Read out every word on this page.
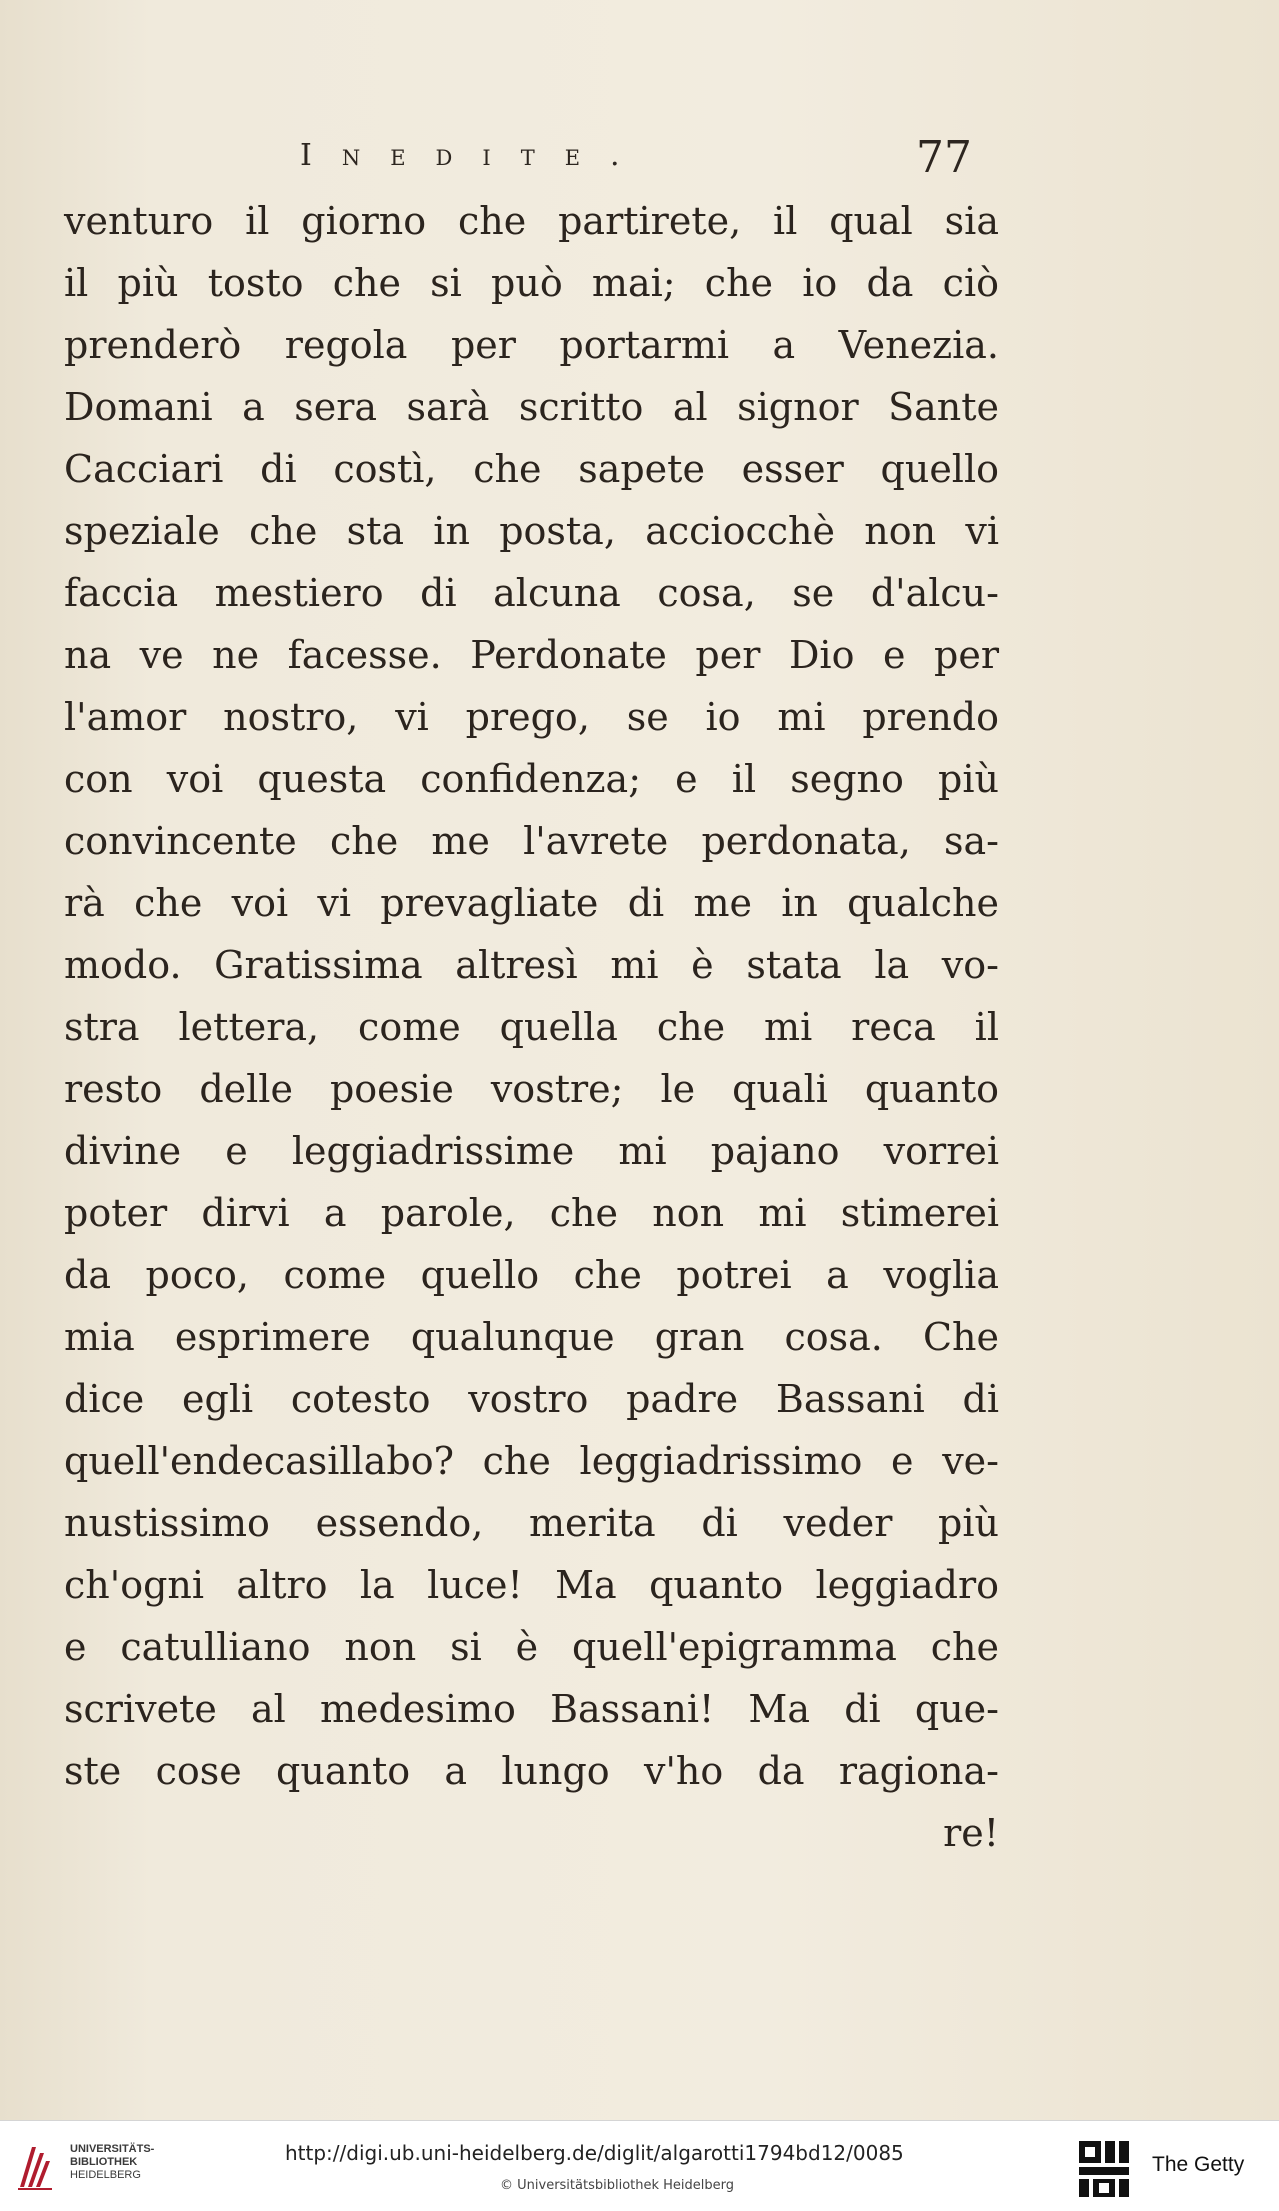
Inedite.	77
venturo il giorno che partirete, il qual sia
il più tosto che si può mai; che io da ciò
prenderò regola per portarmi a Venezia.
Domani a sera sarà scritto al signor Sante
Cacciari di costì, che sapete esser quello
speziale che sta in posta, acciocchè non vi
faccia mestiero di alcuna cosa, se d'alcu-
na ve ne facesse. Perdonate per Dio e per
l'amor nostro, vi prego, se io mi prendo
con voi questa confidenza; e il segno più
convincente che me l'avrete perdonata, sa-
rà che voi vi prevagliate di me in qualche
modo. Gratissima altresì mi è stata la vo-
stra lettera, come quella che mi reca il
resto delle poesie vostre; le quali quanto
divine e leggiadrissime mi pajano vorrei
poter dirvi a parole, che non mi stimerei
da poco, come quello che potrei a voglia
mia esprimere qualunque gran cosa. Che
dice egli cotesto vostro padre Bassani di
quell'endecasillabo? che leggiadrissimo e ve-
nustissimo essendo, merita di veder più
ch'ogni altro la luce! Ma quanto leggiadro
e catulliano non si è quell'epigramma che
scrivete al medesimo Bassani! Ma di que-
ste cose quanto a lungo v'ho da ragiona-
re!
UNIVERSITÄTS-
BIBLIOTHEK
HEIDELBERG
http://digi.ub.uni-heidelberg.de/diglit/algarotti1794bd12/0085
© Universitätsbibliothek Heidelberg
The Getty
